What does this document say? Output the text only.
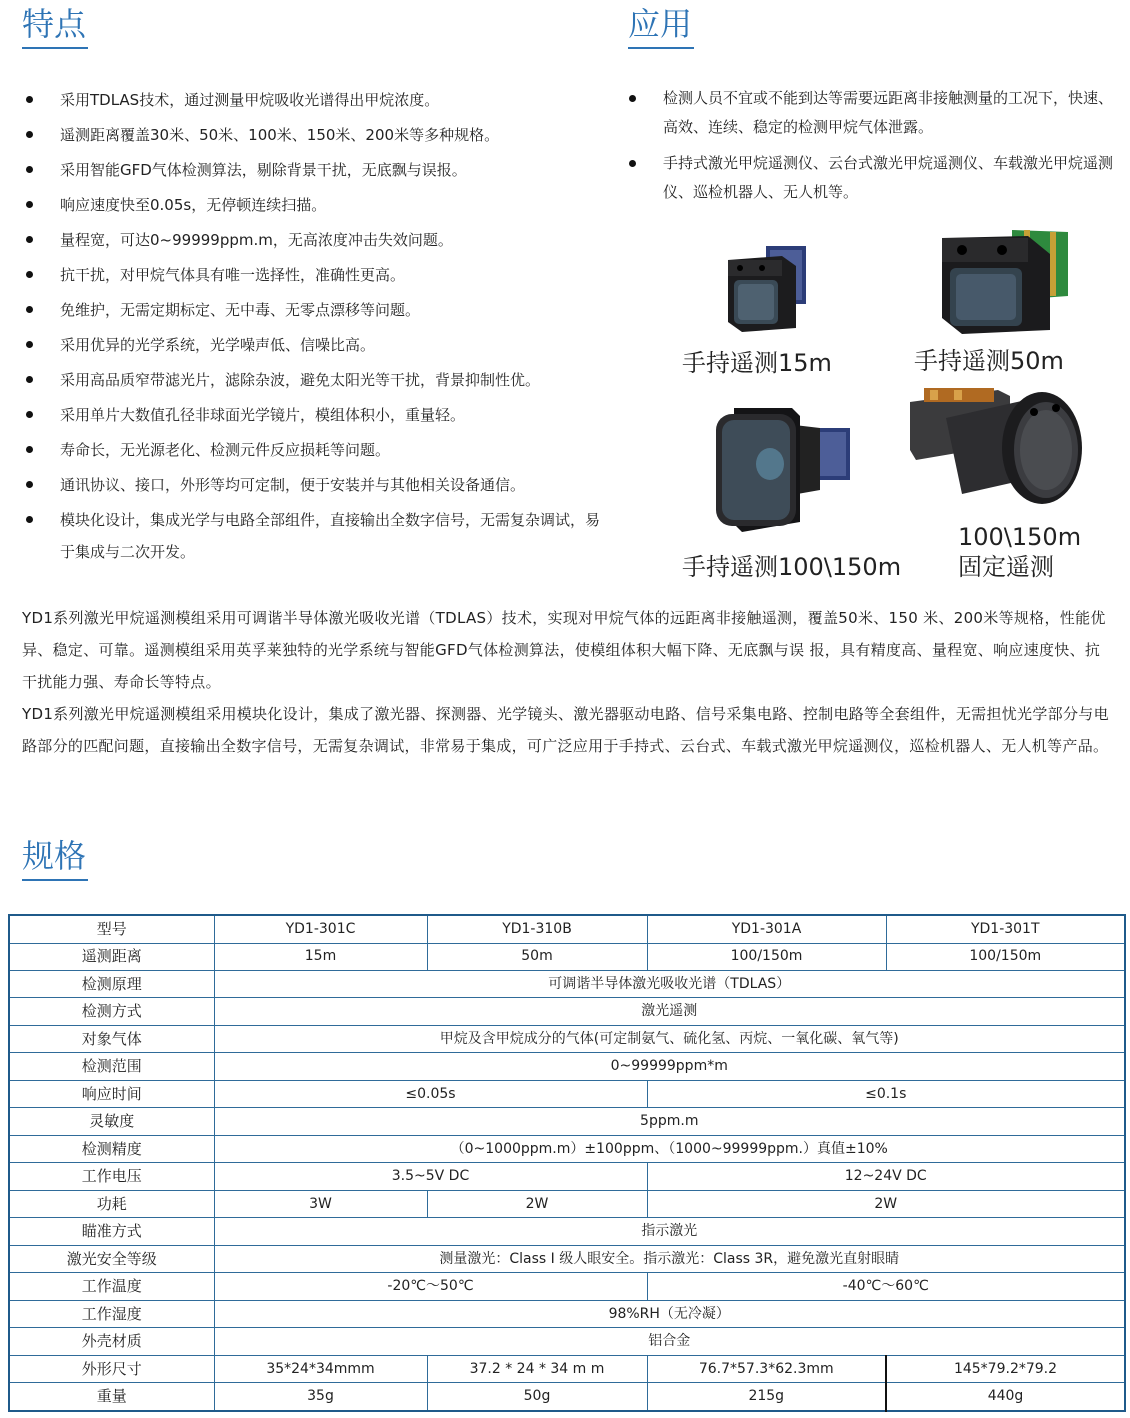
特点
采用TDLAS技术，通过测量甲烷吸收光谱得出甲烷浓度。
遥测距离覆盖30米、50米、100米、150米、200米等多种规格。
采用智能GFD气体检测算法，剔除背景干扰，无底飘与误报。
响应速度快至0.05s，无停顿连续扫描。
量程宽，可达0~99999ppm.m，无高浓度冲击失效问题。
抗干扰，对甲烷气体具有唯一选择性，准确性更高。
免维护，无需定期标定、无中毒、无零点漂移等问题。
采用优异的光学系统，光学噪声低、信噪比高。
采用高品质窄带滤光片，滤除杂波，避免太阳光等干扰，背景抑制性优。
采用单片大数值孔径非球面光学镜片，模组体积小，重量轻。
寿命长，无光源老化、检测元件反应损耗等问题。
通讯协议、接口，外形等均可定制，便于安装并与其他相关设备通信。
模块化设计，集成光学与电路全部组件，直接输出全数字信号，无需复杂调试，易于集成与二次开发。
应用
检测人员不宜或不能到达等需要远距离非接触测量的工况下，快速、高效、连续、稳定的检测甲烷气体泄露。
手持式激光甲烷遥测仪、云台式激光甲烷遥测仪、车载激光甲烷遥测仪、巡检机器人、无人机等。
手持遥测15m	手持遥测50m
手持遥测100\150m
100\150m
固定遥测

YD1系列激光甲烷遥测模组采用可调谐半导体激光吸收光谱（TDLAS）技术，实现对甲烷气体的远距离非接触遥测，覆盖50米、150 米、200米等规格，性能优异、稳定、可靠。遥测模组采用英孚莱独特的光学系统与智能GFD气体检测算法，使模组体积大幅下降、无底飘与误 报，具有精度高、量程宽、响应速度快、抗干扰能力强、寿命长等特点。

YD1系列激光甲烷遥测模组采用模块化设计，集成了激光器、探测器、光学镜头、激光器驱动电路、信号采集电路、控制电路等全套组件，无需担忧光学部分与电路部分的匹配问题，直接输出全数字信号，无需复杂调试，非常易于集成，可广泛应用于手持式、云台式、车载式激光甲烷遥测仪，巡检机器人、无人机等产品。

规格
型号	YD1-301C	YD1-310B	YD1-301A	YD1-301T
遥测距离	15m	50m	100/150m	100/150m
检测原理	可调谐半导体激光吸收光谱（TDLAS）			
检测方式	激光遥测			
对象气体	甲烷及含甲烷成分的气体(可定制氨气、硫化氢、丙烷、一氧化碳、氧气等)			
检测范围	0~99999ppm*m			
响应时间	≤0.05s		≤0.1s	
灵敏度	5ppm.m			
检测精度	（0~1000ppm.m）±100ppm、（1000~99999ppm.）真值±10%			
工作电压	3.5~5V DC		12~24V DC	
功耗	3W	2W	2W	
瞄准方式	指示激光			
激光安全等级	测量激光：Class Ⅰ 级人眼安全。指示激光：Class 3R，避免激光直射眼睛			
工作温度	-20℃～50℃		-40℃～60℃	
工作湿度	98%RH（无冷凝）			
外壳材质	铝合金			
外形尺寸	35*24*34mmm	37.2 * 24 * 34 m m	76.7*57.3*62.3mm	145*79.2*79.2
重量	35g	50g	215g	440g
